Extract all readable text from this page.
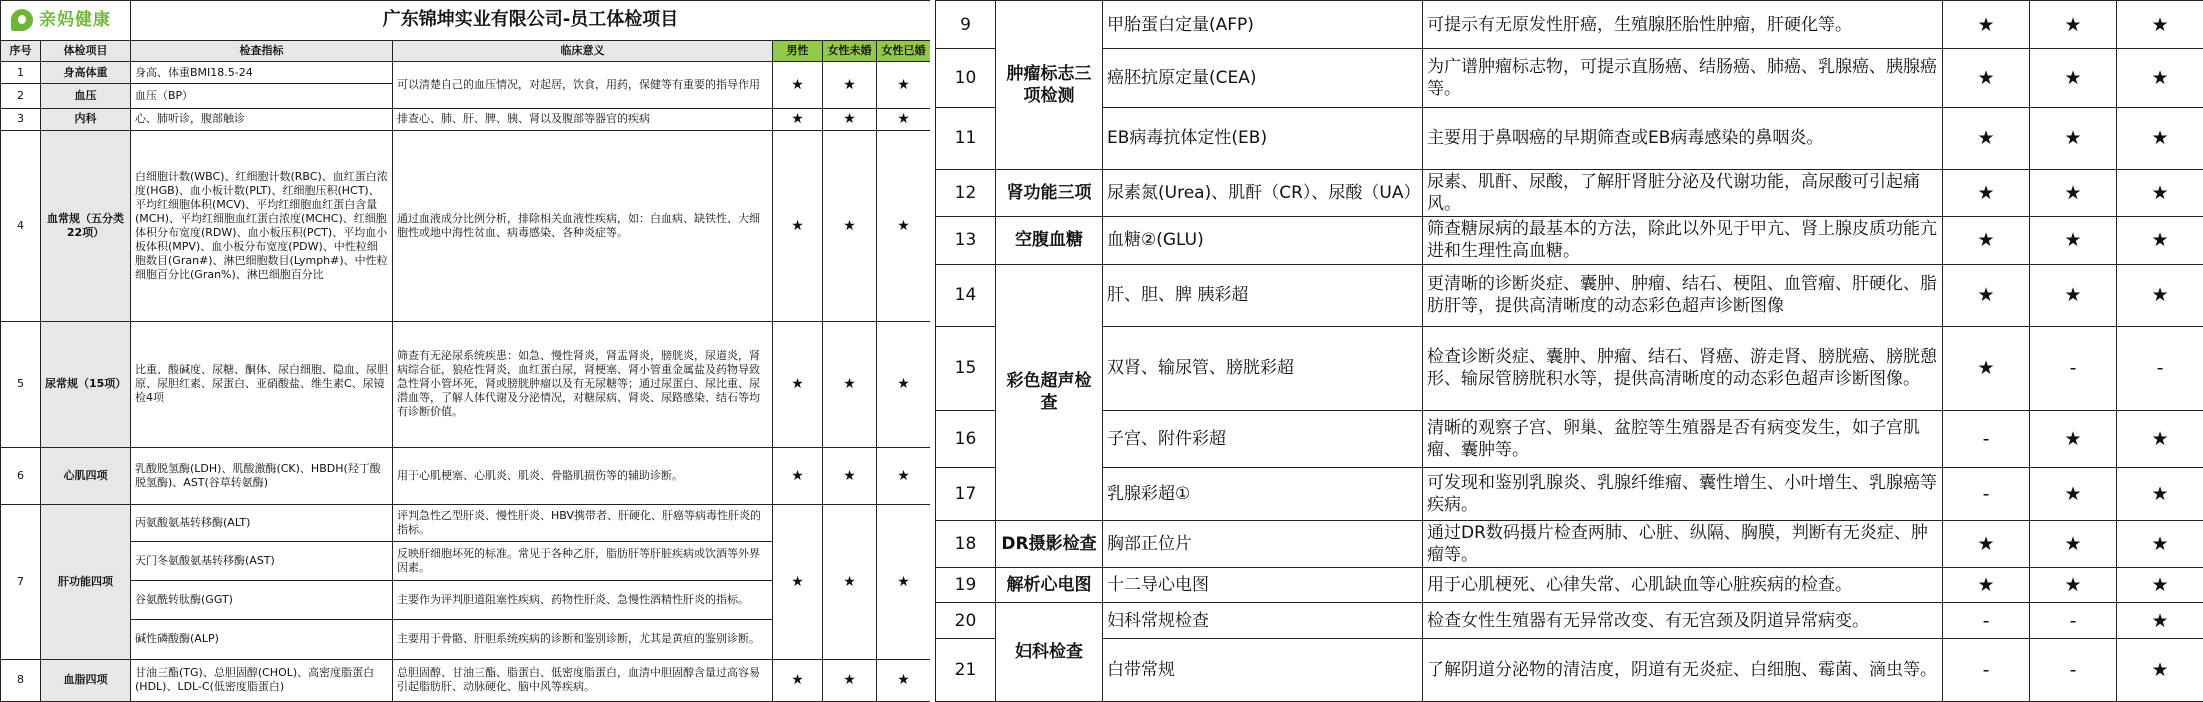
亲妈健康		广东锦坤实业有限公司-员工体检项目				
序号	体检项目	检查指标	临床意义	男性	女性未婚	女性已婚
1	身高体重	身高、体重BMI18.5-24	可以清楚自己的血压情况，对起居，饮食，用药，保健等有重要的指导作用	★	★	★
2	血压	血压（BP）				
3	内科	心、肺听诊，腹部触诊	排查心、肺、肝、脾、胰、肾以及腹部等器官的疾病	★	★	★
4	血常规（五分类22项）	白细胞计数(WBC)、红细胞计数(RBC)、血红蛋白浓度(HGB)、血小板计数(PLT)、红细胞压积(HCT)、平均红细胞体积(MCV)、平均红细胞血红蛋白含量(MCH)、平均红细胞血红蛋白浓度(MCHC)、红细胞体积分布宽度(RDW)、血小板压积(PCT)、平均血小板体积(MPV)、血小板分布宽度(PDW)、中性粒细胞数目(Gran#)、淋巴细胞数目(Lymph#)、中性粒细胞百分比(Gran%)、淋巴细胞百分比	通过血液成分比例分析，排除相关血液性疾病，如：白血病、缺铁性、大细胞性或地中海性贫血、病毒感染、各种炎症等。	★	★	★
5	尿常规（15项）	比重、酸碱度、尿糖、酮体、尿白细胞、隐血、尿胆原、尿胆红素、尿蛋白、亚硝酸盐、维生素C、尿镜检4项	筛查有无泌尿系统疾患：如急、慢性肾炎，肾盂肾炎，膀胱炎，尿道炎，肾病综合征，狼疮性肾炎，血红蛋白尿，肾梗塞、肾小管重金属盐及药物导致急性肾小管坏死，肾或膀胱肿瘤以及有无尿糖等；通过尿蛋白、尿比重、尿潜血等，了解人体代谢及分泌情况，对糖尿病、肾炎、尿路感染、结石等均有诊断价值。	★	★	★
6	心肌四项	乳酸脱氢酶(LDH)、肌酸激酶(CK)、HBDH(羟丁酸脱氢酶)、AST(谷草转氨酶)	用于心肌梗塞、心肌炎、肌炎、骨骼肌损伤等的辅助诊断。	★	★	★
7	肝功能四项	丙氨酸氨基转移酶(ALT)	评判急性乙型肝炎、慢性肝炎、HBV携带者、肝硬化、肝癌等病毒性肝炎的指标。	★	★	★
		天门冬氨酸氨基转移酶(AST)	反映肝细胞坏死的标准。常见于各种乙肝，脂肪肝等肝脏疾病或饮酒等外界因素。			
		谷氨酰转肽酶(GGT)	主要作为评判胆道阻塞性疾病、药物性肝炎、急慢性酒精性肝炎的指标。			
		碱性磷酸酶(ALP)	主要用于骨骼、肝胆系统疾病的诊断和鉴别诊断，尤其是黄疸的鉴别诊断。			
8	血脂四项	甘油三酯(TG)、总胆固醇(CHOL)、高密度脂蛋白(HDL)、LDL-C(低密度脂蛋白)	总胆固醇、甘油三酯、脂蛋白、低密度脂蛋白，血清中胆固醇含量过高容易引起脂肪肝、动脉硬化、脑中风等疾病。	★	★	★
9	肿瘤标志三项检测	甲胎蛋白定量(AFP)	可提示有无原发性肝癌，生殖腺胚胎性肿瘤，肝硬化等。	★	★	★
10		癌胚抗原定量(CEA)	为广谱肿瘤标志物，可提示直肠癌、结肠癌、肺癌、乳腺癌、胰腺癌等。	★	★	★
11		EB病毒抗体定性(EB)	主要用于鼻咽癌的早期筛查或EB病毒感染的鼻咽炎。	★	★	★
12	肾功能三项	尿素氮(Urea)、肌酐（CR）、尿酸（UA）	尿素、肌酐、尿酸，了解肝肾脏分泌及代谢功能，高尿酸可引起痛风。	★	★	★
13	空腹血糖	血糖②(GLU)	筛查糖尿病的最基本的方法，除此以外见于甲亢、肾上腺皮质功能亢进和生理性高血糖。	★	★	★
14	彩色超声检查	肝、胆、脾 胰彩超	更清晰的诊断炎症、囊肿、肿瘤、结石、梗阻、血管瘤、肝硬化、脂肪肝等，提供高清晰度的动态彩色超声诊断图像	★	★	★
15		双肾、输尿管、膀胱彩超	检查诊断炎症、囊肿、肿瘤、结石、肾癌、游走肾、膀胱癌、膀胱憩形、输尿管膀胱积水等，提供高清晰度的动态彩色超声诊断图像。	★	-	-
16		子宫、附件彩超	清晰的观察子宫、卵巢、盆腔等生殖器是否有病变发生，如子宫肌瘤、囊肿等。	-	★	★
17		乳腺彩超①	可发现和鉴别乳腺炎、乳腺纤维瘤、囊性增生、小叶增生、乳腺癌等疾病。	-	★	★
18	DR摄影检查	胸部正位片	通过DR数码摄片检查两肺、心脏、纵隔、胸膜，判断有无炎症、肿瘤等。	★	★	★
19	解析心电图	十二导心电图	用于心肌梗死、心律失常、心肌缺血等心脏疾病的检查。	★	★	★
20	妇科检查	妇科常规检查	检查女性生殖器有无异常改变、有无宫颈及阴道异常病变。	-	-	★
21		白带常规	了解阴道分泌物的清洁度，阴道有无炎症、白细胞、霉菌、滴虫等。	-	-	★
